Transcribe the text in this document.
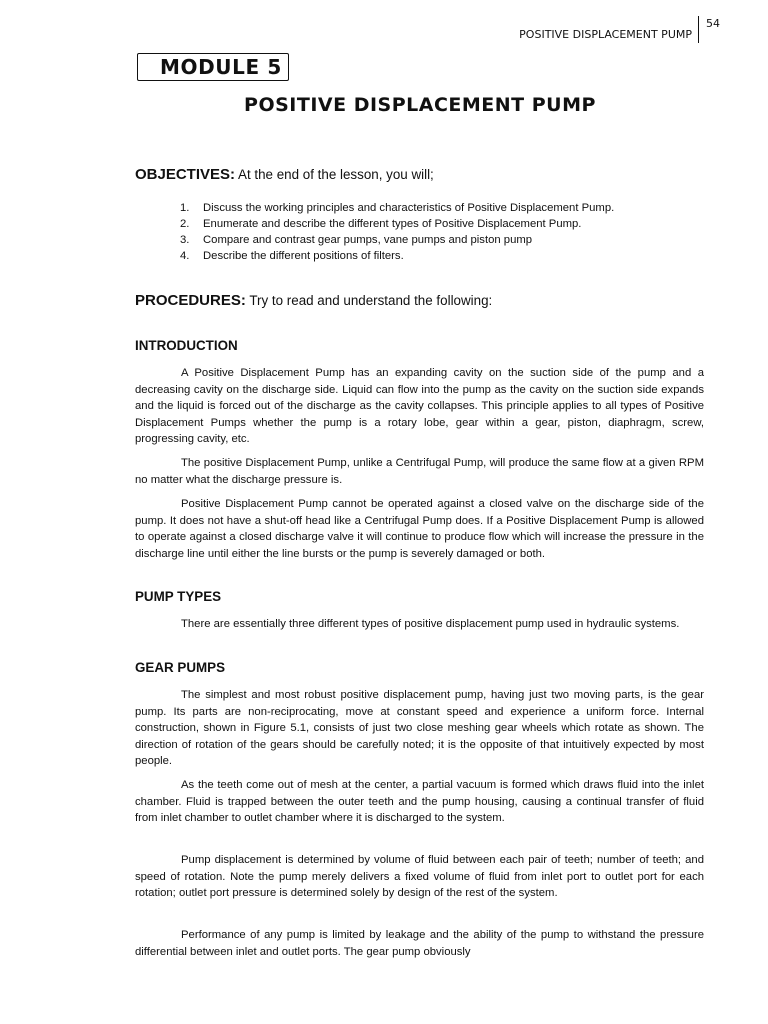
POSITIVE DISPLACEMENT PUMP
54
MODULE 5
POSITIVE DISPLACEMENT PUMP
OBJECTIVES: At the end of the lesson, you will;
1.	Discuss the working principles and characteristics of Positive Displacement Pump.
2.	Enumerate and describe the different types of Positive Displacement Pump.
3.	Compare and contrast gear pumps, vane pumps and piston pump
4.	Describe the different positions of filters.
PROCEDURES: Try to read and understand the following:
INTRODUCTION

A Positive Displacement Pump has an expanding cavity on the suction side of the pump and a decreasing cavity on the discharge side. Liquid can flow into the pump as the cavity on the suction side expands and the liquid is forced out of the discharge as the cavity collapses. This principle applies to all types of Positive Displacement Pumps whether the pump is a rotary lobe, gear within a gear, piston, diaphragm, screw, progressing cavity, etc.

The positive Displacement Pump, unlike a Centrifugal Pump, will produce the same flow at a given RPM no matter what the discharge pressure is.

Positive Displacement Pump cannot be operated against a closed valve on the discharge side of the pump. It does not have a shut-off head like a Centrifugal Pump does. If a Positive Displacement Pump is allowed to operate against a closed discharge valve it will continue to produce flow which will increase the pressure in the discharge line until either the line bursts or the pump is severely damaged or both.

PUMP TYPES

There are essentially three different types of positive displacement pump used in hydraulic systems.

GEAR PUMPS

The simplest and most robust positive displacement pump, having just two moving parts, is the gear pump. Its parts are non-reciprocating, move at constant speed and experience a uniform force. Internal construction, shown in Figure 5.1, consists of just two close meshing gear wheels which rotate as shown. The direction of rotation of the gears should be carefully noted; it is the opposite of that intuitively expected by most people.

As the teeth come out of mesh at the center, a partial vacuum is formed which draws fluid into the inlet chamber. Fluid is trapped between the outer teeth and the pump housing, causing a continual transfer of fluid from inlet chamber to outlet chamber where it is discharged to the system.

Pump displacement is determined by volume of fluid between each pair of teeth; number of teeth; and speed of rotation. Note the pump merely delivers a fixed volume of fluid from inlet port to outlet port for each rotation; outlet port pressure is determined solely by design of the rest of the system.

Performance of any pump is limited by leakage and the ability of the pump to withstand the pressure differential between inlet and outlet ports. The gear pump obviously
